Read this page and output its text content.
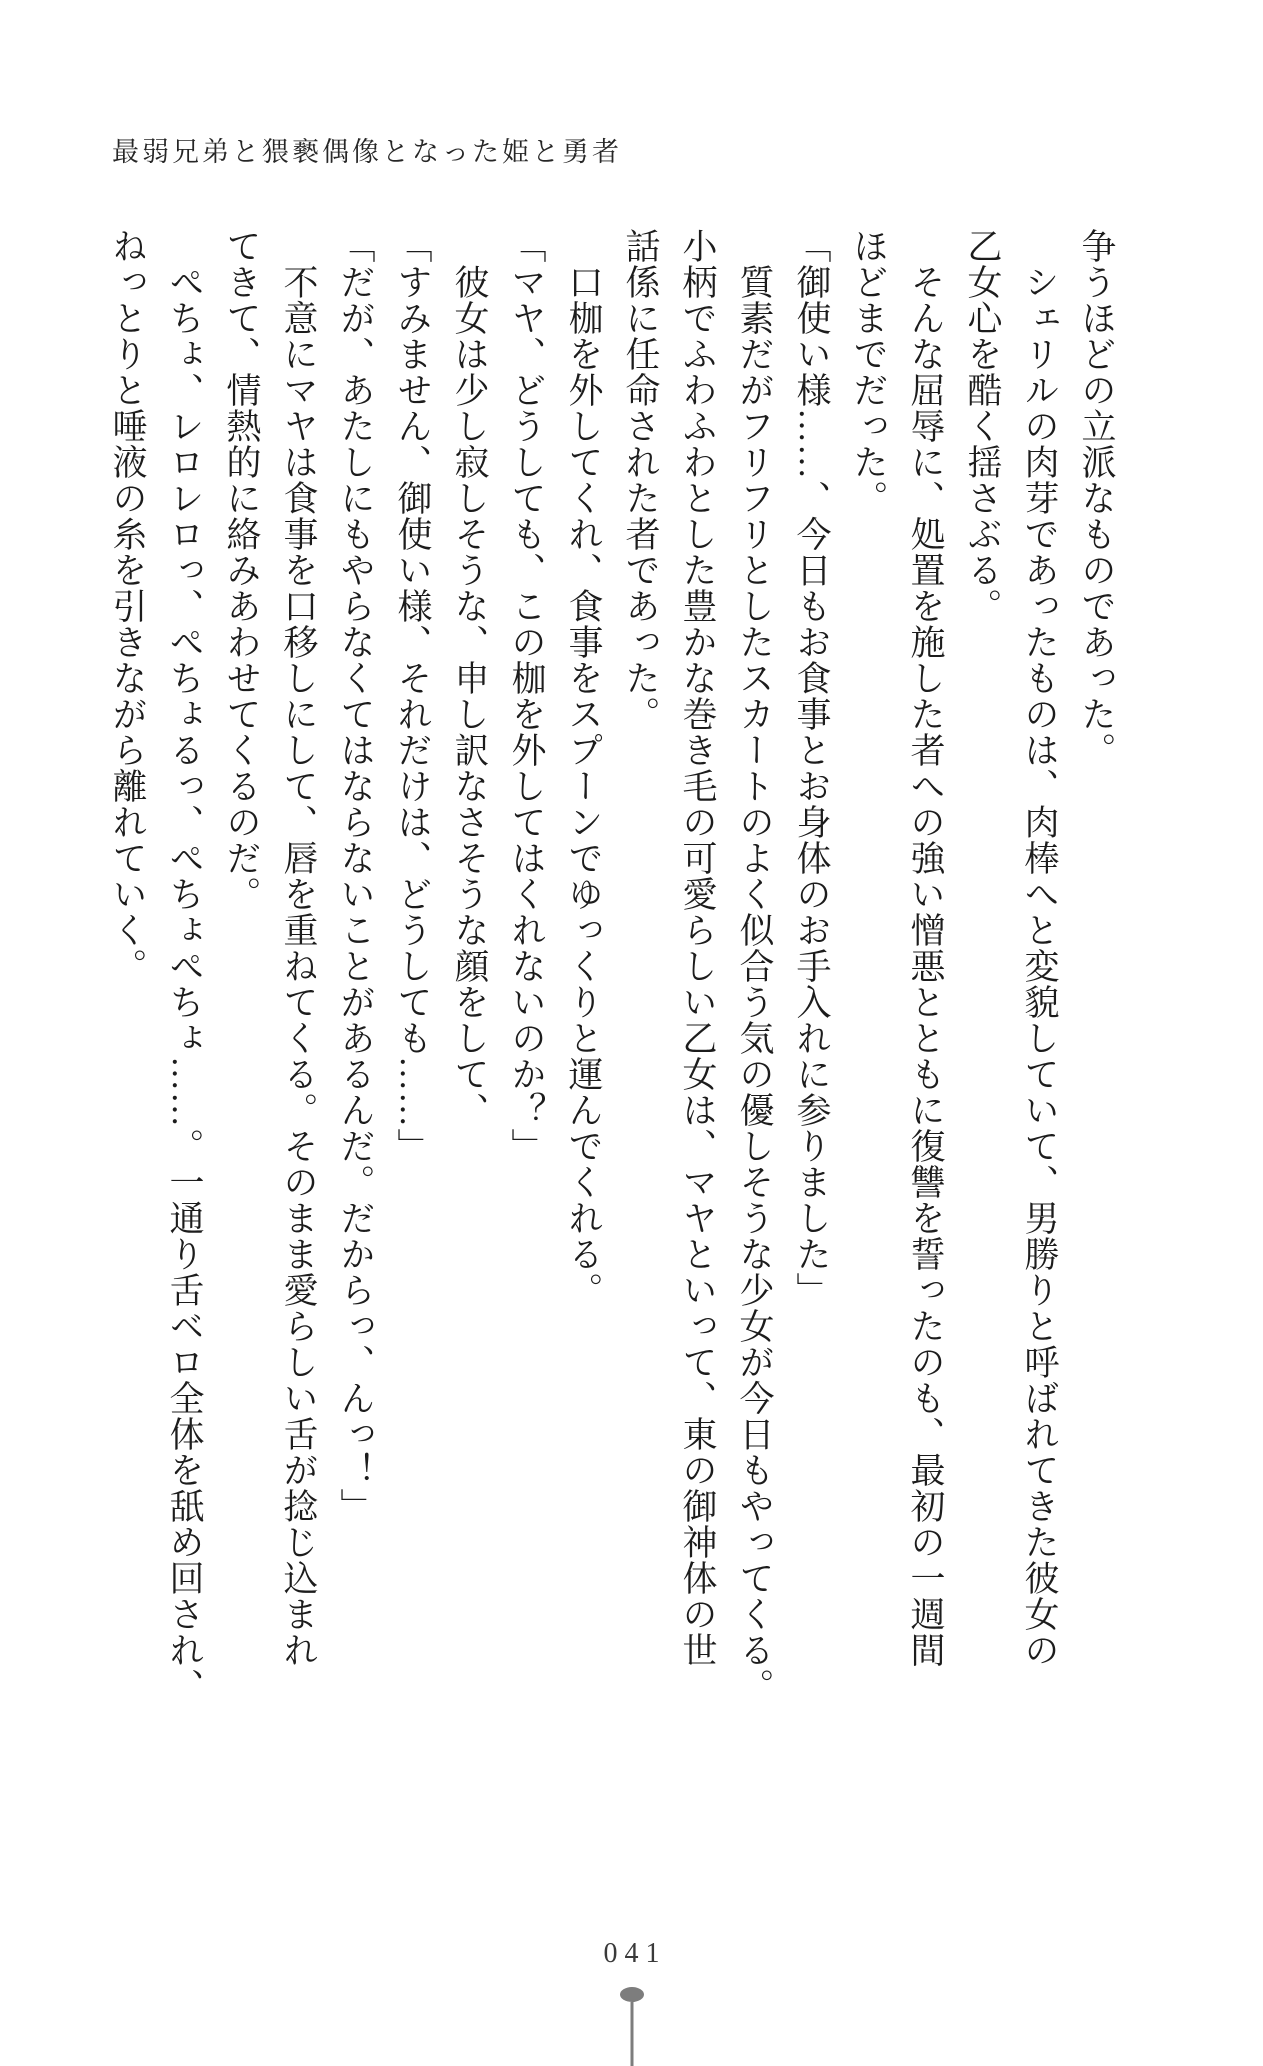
最弱兄弟と猥褻偶像となった姫と勇者

争うほどの立派なものであった。

　シェリルの肉芽であったものは、肉棒へと変貌していて、男勝りと呼ばれてきた彼女の

乙女心を酷く揺さぶる。

　そんな屈辱に、処置を施した者への強い憎悪とともに復讐を誓ったのも、最初の一週間

ほどまでだった。

「御使い様……、今日もお食事とお身体のお手入れに参りました」

　質素だがフリフリとしたスカートのよく似合う気の優しそうな少女が今日もやってくる。

小柄でふわふわとした豊かな巻き毛の可愛らしい乙女は、マヤといって、東の御神体の世

話係に任命された者であった。

　口枷を外してくれ、食事をスプーンでゆっくりと運んでくれる。

「マヤ、どうしても、この枷を外してはくれないのか？」

　彼女は少し寂しそうな、申し訳なさそうな顔をして、

「すみません、御使い様、それだけは、どうしても……」

「だが、あたしにもやらなくてはならないことがあるんだ。だからっ、んっ！」

　不意にマヤは食事を口移しにして、唇を重ねてくる。そのまま愛らしい舌が捻じ込まれ

てきて、情熱的に絡みあわせてくるのだ。

　ぺちょ、レロレロっ、ぺちょるっ、ぺちょぺちょ……。一通り舌ベロ全体を舐め回され、

ねっとりと唾液の糸を引きながら離れていく。

041
